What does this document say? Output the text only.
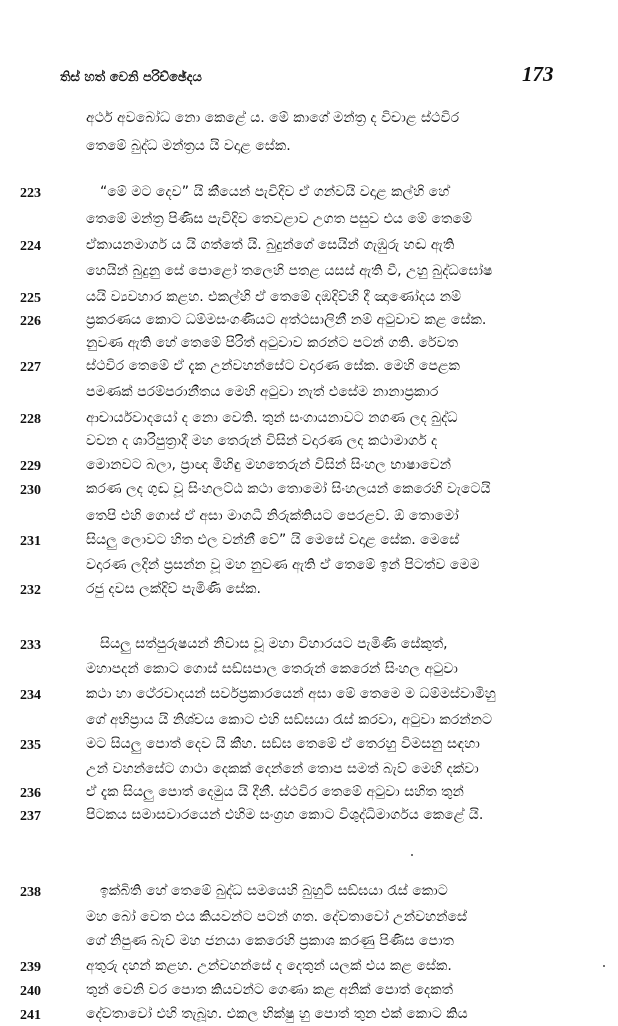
තිස් හත් වෙනි පරිච්ඡේදය	173
අර්ථ අවබෝධ නො කෙළේ ය. මේ කාගේ මන්ත්‍ර ද විචාළ ස්ථවිර
තෙමේ බුද්ධ මන්ත්‍රය යි වදාළ සේක.
223	“මේ මට දෙව” යි කීයෙන් පැවිදිව ඒ ගන්වයි වදාළ කල්හි හේ
තෙමේ මන්ත්‍ර පිණිස පැවිදිව තෙවළාව උගත පසුව එය මේ තෙමේ
224	ඒකායනමාර්ග ය යි ගත්තේ යි. බුදුන්ගේ සෙයින් ගැඹුරු හඬ ඇති
හෙයින් බුදුනු සේ පොළෝ තලෙහි පතළ යසස් ඇති වී, උහු බුද්ධඝෝෂ
225	යයි ව්‍යවහාර කළහ. එකල්හි ඒ තෙමේ දඹදිව්හි දී ඤාණෝදය නම්
226	ප්‍රකරණය කොට ධම්මසංගණියට අත්ථසාලිනී නම් අටුවාව කළ සේක.
නුවණ ඇති හේ තෙමේ පිරිත් අටුවාව කරන්ට පටන් ගති. රේවත
227	ස්ථවිර තෙමේ ඒ දැක උන්වහන්සේට වදාරණ සේක. මෙහි පෙළක
පමණක් පරම්පරානීතය මෙහි අටුවා නැත් එසේම නානාප්‍රකාර
228	ආචාර්යවාදයෝ ද නො වෙති. තුන් සංගායනාවට නගණ ලද බුද්ධ
වචන ද ශාරිපුත්‍රාදී මහ තෙරුන් විසින් වදාරණ ලද කථාමාර්ග ද
229	මොනවට බලා, ප්‍රාඥ මිහිඳු මහතෙරුන් විසින් සිංහල භාෂාවෙන්
230	කරණ ලද ගුඬ වූ සිංහලට්ඨ කථා තොමෝ සිංහලයන් කෙරෙහි වැටෙයි
තෙපි එහි ගොස් ඒ අසා මාගධී නිරුක්තියට පෙරළව්. ඕ තොමෝ
231	සියලු ලොවට හිත එල වන්නී වේ” යි මෙසේ වදාළ සේක. මෙසේ
වදාරණ ලදින් ප්‍රසන්න වූ මහ නුවණ ඇති ඒ තෙමේ ඉන් පිටත්ව මෙම
232	රජු දවස ලක්දිව් පැමිණි සේක.
233	සියලු සත්පුරුෂයන් නිවාස වූ මහා විහාරයට පැමිණි සේකුත්,
මහාපදන් කොට ගොස් සඞ්ඝපාල තෙරුන් කෙරෙන් සිංහල අටුවා
234	කථා හා ථේරවාදයන් සර්වප්‍රකාරයෙන් අසා මේ තෙමෙ ම ධම්මස්වාමිහු
ගේ අභිප්‍රාය යි නිශ්චය කොට එහි සඞ්ඝයා රැස් කරවා, අටුවා කරන්නට
235	මට සියලු පොත් දෙව යි කීහ. සඞ්ඝ තෙමේ ඒ තෙරහු විමසනු සඳහා
උන් වහන්සේට ගාථා දෙකක් දෙන්නේ තොප සමත් බැව් මෙහි දක්වා
236	ඒ දැක සියලු පොත් දෙමුය යි දීනී. ස්ථවිර තෙමේ අටුවා සහිත තුන්
237	පිටකය සමාසවාරයෙන් එහිම සංග්‍රහ කොට විශුද්ධිමාර්ගය කෙළේ යි.
238	ඉක්බිති හේ තෙමේ බුද්ධ සමයෙහි බුහුටි සඞ්ඝයා රැස් කොට
මහ බෝ වෙත එය කියවන්ට පටන් ගත. දේවතාවෝ උන්වහන්සේ
ගේ නිපුණ බැව් මහ ජනයා කෙරෙහි ප්‍රකාශ කරණු පිණිස පොත
239	අතුරු දහන් කළහ. උන්වහන්සේ ද දෙතුන් යලක් එය කළ සේක.
240	තුන් වෙනි වර පොත කියවන්ට ගෙණා කළ අනික් පොත් දෙකත්
241	දේවතාවෝ එහි තැබූහ. එකල භික්ෂු හු පොත් තුන එක් කොට කිය
